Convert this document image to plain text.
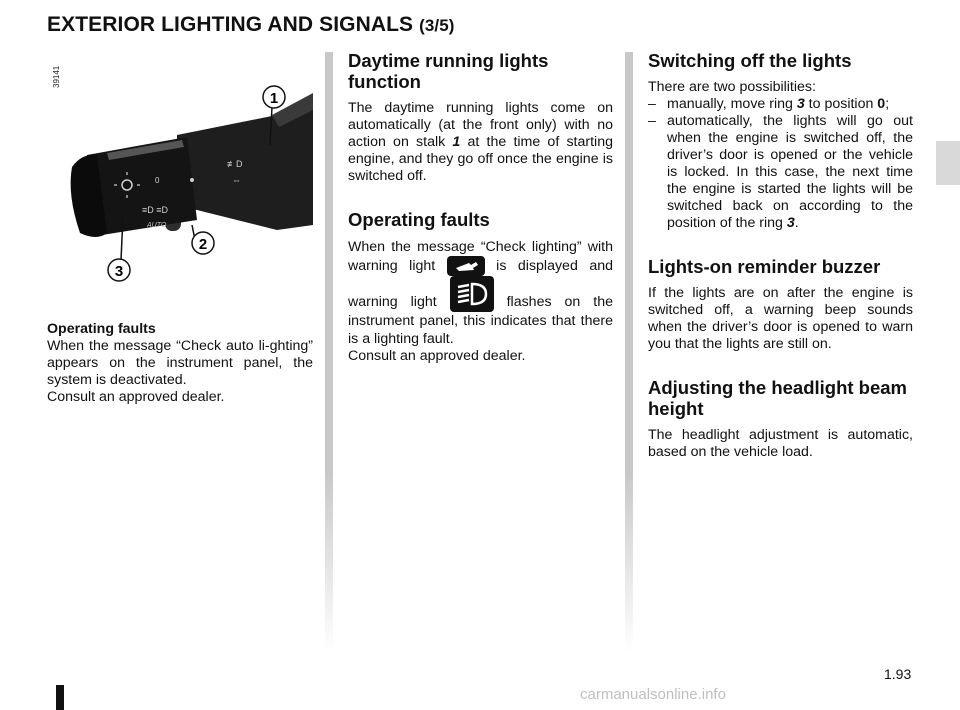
EXTERIOR LIGHTING AND SIGNALS (3/5)
39141
≡D ≡D
AUTO
0
≢D
⇔
1
2
3
Operating faults
When the message “Check auto li-ghting” appears on the instrument panel, the system is deactivated.
Consult an approved dealer.
Daytime running lights function

The daytime running lights come on automatically (at the front only) with no action on stalk 1 at the time of starting engine, and they go off once the engine is switched off.

Operating faults

When the message “Check lighting” with warning light	is displayed and warning light	flashes on the instrument panel, this indicates that there is a lighting fault.

Consult an approved dealer.
Switching off the lights
There are two possibilities:
– manually, move ring 3 to position 0;
– automatically, the lights will go out when the engine is switched off, the driver’s door is opened or the vehicle is locked. In this case, the next time the engine is started the lights will be switched back on according to the position of the ring 3.
Lights-on reminder buzzer

If the lights are on after the engine is switched off, a warning beep sounds when the driver’s door is opened to warn you that the lights are still on.

Adjusting the headlight beam height

The headlight adjustment is automatic, based on the vehicle load.

1.93
carmanualsonline.info
